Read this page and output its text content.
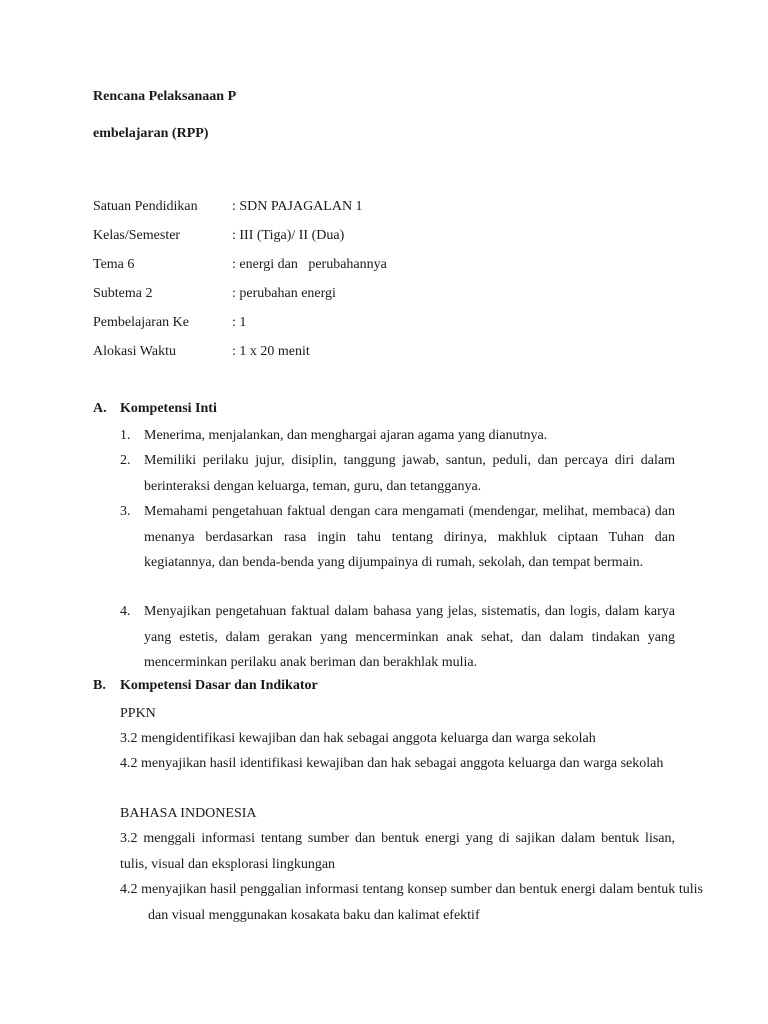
Rencana Pelaksanaan P
embelajaran (RPP)
Satuan Pendidikan : SDN PAJAGALAN 1
Kelas/Semester	: III (Tiga)/ II (Dua)
Tema 6	: energi dan   perubahannya
Subtema 2	: perubahan energi
Pembelajaran Ke	: 1
Alokasi Waktu	: 1 x 20 menit
A. Kompetensi Inti
1. Menerima, menjalankan, dan menghargai ajaran agama yang dianutnya.
2. Memiliki perilaku jujur, disiplin, tanggung jawab, santun, peduli, dan percaya diri dalam berinteraksi dengan keluarga, teman, guru, dan tetangganya.
3. Memahami pengetahuan faktual dengan cara mengamati (mendengar, melihat, membaca) dan menanya berdasarkan rasa ingin tahu tentang dirinya, makhluk ciptaan Tuhan dan kegiatannya, dan benda-benda yang dijumpainya di rumah, sekolah, dan tempat bermain.
4. Menyajikan pengetahuan faktual dalam bahasa yang jelas, sistematis, dan logis, dalam karya yang estetis, dalam gerakan yang mencerminkan anak sehat, dan dalam tindakan yang mencerminkan perilaku anak beriman dan berakhlak mulia.
B. Kompetensi Dasar dan Indikator
PPKN
3.2 mengidentifikasi kewajiban dan hak sebagai anggota keluarga dan warga sekolah
4.2 menyajikan hasil identifikasi kewajiban dan hak sebagai anggota keluarga dan warga sekolah
BAHASA INDONESIA
3.2 menggali informasi tentang sumber dan bentuk energi yang di sajikan dalam bentuk lisan, tulis, visual dan eksplorasi lingkungan
4.2 menyajikan hasil penggalian informasi tentang konsep sumber dan bentuk energi dalam bentuk tulis dan visual menggunakan kosakata baku dan kalimat efektif
